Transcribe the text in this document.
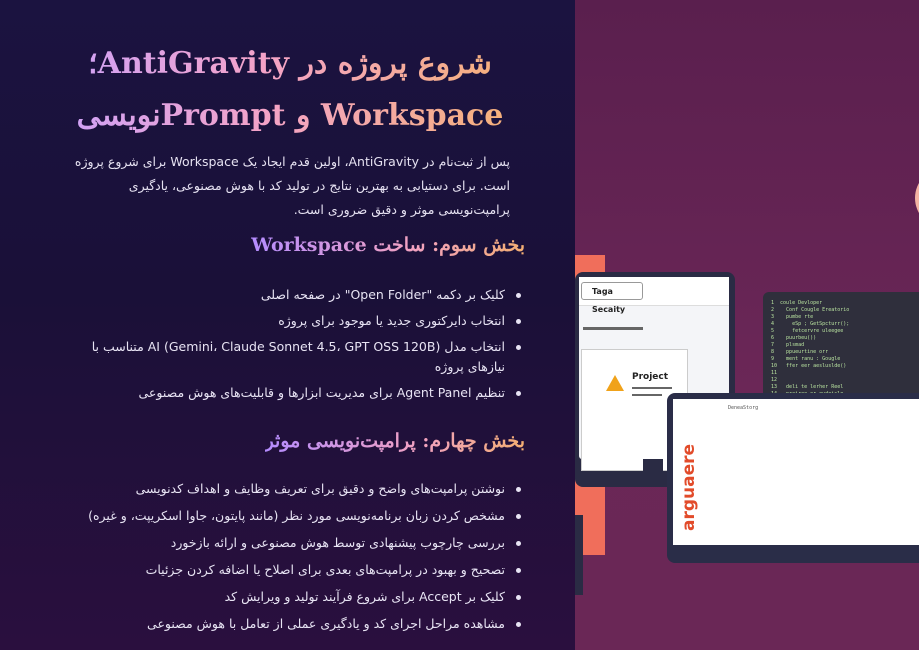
شروع پروژه در AntiGravity؛
Workspace و Promptنویسی
پس از ثبت‌نام در AntiGravity، اولین قدم ایجاد یک Workspace برای شروع پروژه است. برای دستیابی به بهترین نتایج در تولید کد با هوش مصنوعی، یادگیری پرامپت‌نویسی موثر و دقیق ضروری است.
بخش سوم: ساخت Workspace
کلیک بر دکمه "Open Folder" در صفحه اصلی
انتخاب دایرکتوری جدید یا موجود برای پروژه
انتخاب مدل AI (Gemini، Claude Sonnet 4.5، GPT OSS 120B) متناسب با نیازهای پروژه
تنظیم Agent Panel برای مدیریت ابزارها و قابلیت‌های هوش مصنوعی
بخش چهارم: پرامپت‌نویسی موثر
نوشتن پرامپت‌های واضح و دقیق برای تعریف وظایف و اهداف کدنویسی
مشخص کردن زبان برنامه‌نویسی مورد نظر (مانند پایتون، جاوا اسکریپت، و غیره)
بررسی چارچوب پیشنهادی توسط هوش مصنوعی و ارائه بازخورد
تصحیح و بهبود در پرامپت‌های بعدی برای اصلاح یا اضافه کردن جزئیات
کلیک بر Accept برای شروع فرآیند تولید و ویرایش کد
مشاهده مراحل اجرای کد و یادگیری عملی از تعامل با هوش مصنوعی
Taga Secaity
Project
1  coule Devloper
2    Conf Cougle Ereatorio
3    pumbe rte
4      eSp ; GetSpcturr();
5      fetcervre uleegee
6    puurbeu())
7    plsmad
8    ppueurtine orr
9    ment ranu : Gougle
10   ffer eer aesluslde()
11
12
13   deli te lerher Reel

arguaere
DeneaStorg
